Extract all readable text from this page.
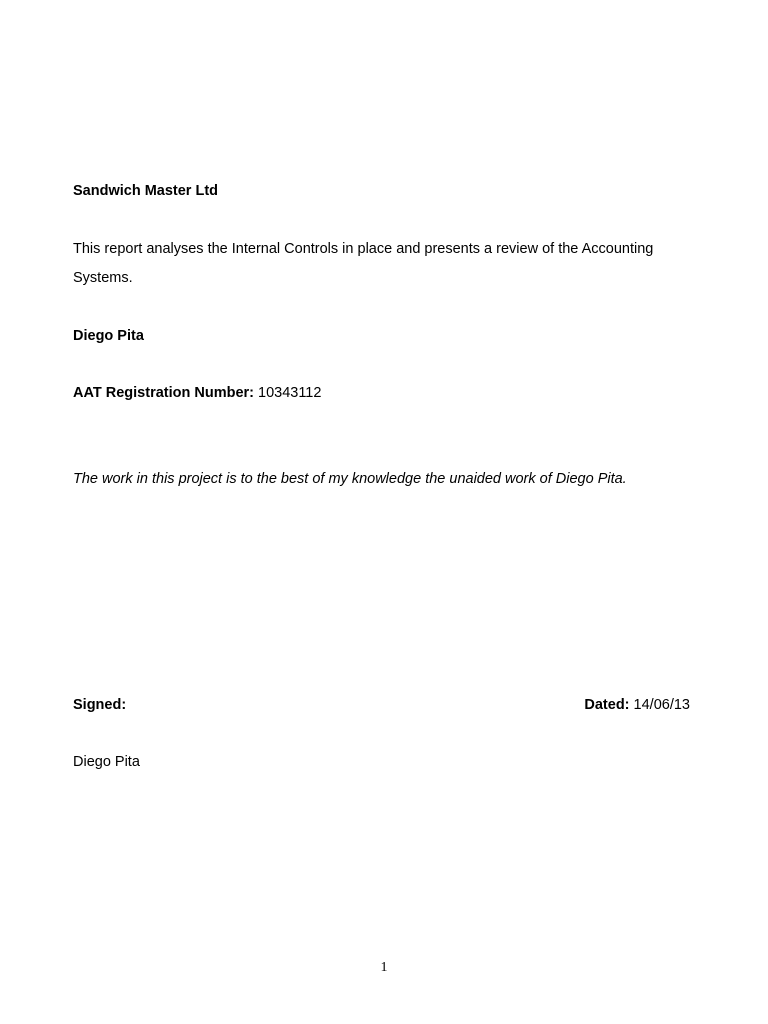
Sandwich Master Ltd
This report analyses the Internal Controls in place and presents a review of the Accounting
Systems.
Diego Pita
AAT Registration Number: 10343112
The work in this project is to the best of my knowledge the unaided work of Diego Pita.
Signed:	Dated: 14/06/13
Diego Pita
1
